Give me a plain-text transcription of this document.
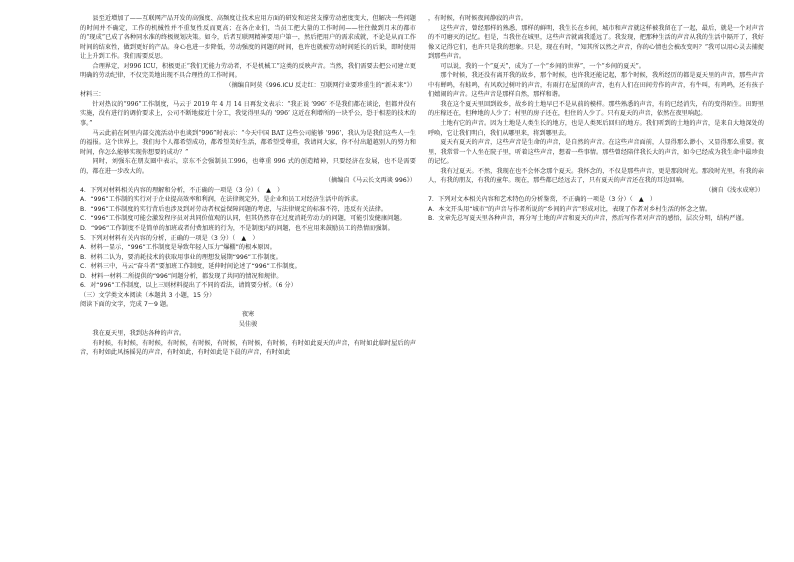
县至近增加了——互联网产品开发的高强度、高频度让技术应用方面的研发和运营支撑劳动密度变大，但解决一些问题的时间并不确定，工作的机械性并不重复性反而更高；在各企业们，当员工把大量的工作时间——往往做到月末的都市的“现成”已成了各种同水准的终极规划决策。如今，后者互联网精神要用户第一，然后把用户的需求成就，不论是从而工作时间的结束性，做到更好的产品。身心也进一步降低，劳动强度的问题的时间，也许也就被劳动时间延长的后果，即时使用让上升到工作。我们需要反思。

合理界定，对996 ICU，积极更正“我们无能力劳动者，不是机械工”这类的反映声音。当然，我们需要去把公司建立更明确的劳动纪律，不仅完美地出现不具合理性的工作时间。

（摘编自阿莫《996.ICU 反走红：互联网行业要珍重生的“新未来”》）

材料三：

针对热议的“996”工作制度，马云于 2019 年 4 月 14 日再发文表示：“我正说 ‘996’ 不是我们都在谈论，但都并没有实施，没有进行的调价要求上，公司不断地接近十分工，我觉得里头的 ‘996’ 这近在利增所的一块乎公，恐于相差的技术的事。”

马云此前在阿里内部交流活动中也谈到“996”时表示：“今天中国 BAT 这些公司能够 ‘996’，我认为是我们这些人一生的福报。这个世界上，我们每个人都希望成功，都希望美好生活，都希望受尊重，我请问大家，你不付出超越别人的努力和时间，你怎么能够实现你想要的成功？”

同时，刘强东在朋友圈中表示，京东不会强制员工996，也尊重 996 式的创造精神，只要经济在发展，也不是需要的，都在进一步改大的。

（摘编自《马云长文再谈 996》）

4．下列对材料相关内容的理解和分析，不正确的一项是（3 分）（　▲　）

A．“996”工作制的实行对于企业提高效率和利润，在法律规定外，是企业和员工对经济生活中的诉求。

B．“996”工作制度的实行背后也涉及到对劳动者权益保障问题的考虑，与法律规定的标准不符，违反有关法律。

C．“996”工作制度可能会激发程序员对共同价值观的认同，但其仍然存在过度消耗劳动力的问题，可能引发健康问题。

D．“996”工作制度不是简单的加班或者付费加班的行为，不是制度内的问题，也不应用来鼓励员工的热情而强制。

5．下列对材料有关内容的分析，正确的一项是（3 分）（　▲　）

A．材料一显示，“996”工作制度是导致年轻人压力“爆棚”的根本原因。

B．材料二认为，要消耗技术的获取用事业的理想发展期“996”工作制度。

C．材料三中，马云“奋斗者”要加班工作制度，延伸时间论述了“996”工作制度。

D．材料一材料二所提供的“996”问题分析，都发现了共同的情况和规律。

6．对“996”工作制度，以上三则材料提出了不同的看法，请简要分析。（6 分）

（三）文学类文本阅读（本题共 3 小题，15 分）

阅读下面的文字，完成 7～9 题。

夜寒

吴佳骏

我在夏天里，我到达各种的声音。

有时候，有时候，有时候，有时候，有时候，有时候，有时候，有时候，有时如此夏天的声音，有时如此临时屋后的声音，有时如此风扬摇晃的声音，有时如此，有时如此是下晨的声音，有时如此

，有时候，有时候夜间静寂的声音。

这些声音，曾经那样的熟悉，那样的鲜明，我生长在乡间，城市和声音就这样被我留在了一起，最后，就是一个对声音的不可磨灭的记忆。但是，当我住在城里，这些声音就离我遥远了。我发现，把那种生活的声音从我的生活中隔开了，我好像又记得它们，也许只是我的想象。只是，现在有时，“知其所以然之声音，你的心情也会被改变吗？”我可以用心灵去捕捉到那些声音。

可以说，我的一个“夏天”，成为了一个“乡间的世界”，一个“乡间的夏天”。

那个时候，我还没有离开我的故乡，那个时候，也许我还能记起，那个时候，我所经历的都是夏天里的声音，那些声音中有蝉鸣，有蛙鸣，有风吹过树叶的声音，有雨打在屋顶的声音，也有人们在田间劳作的声音，有牛叫，有鸡鸣，还有孩子们嬉闹的声音。这些声音是那样自然，那样和谐。

我在这个夏天里回到故乡，故乡的土地早已不是从前的模样。那些熟悉的声音，有的已经消失，有的变得陌生。田野里的庄稼还在，但种地的人少了；村里的房子还在，但住的人少了。只有夏天的声音，依然在夜里响起。

土地有它的声音。因为土地是人类生长的地方，也是人类死后回归的地方。我们听到的土地的声音，是来自大地深处的呼唤，它让我们明白，我们从哪里来，将到哪里去。

夏天有夏天的声音，这些声音是生命的声音，是自然的声音。在这些声音面前，人显得那么渺小，又显得那么重要。夜里，我常常一个人坐在院子里，听着这些声音，想着一些事情。那些曾经陪伴我长大的声音，如今已经成为我生命中最珍贵的记忆。

我有过夏天。不然，我现在也不会怀念那个夏天。我怀念的，不仅是那些声音，更是那段时光。那段时光里，有我的亲人，有我的朋友，有我的童年。现在，那些都已经远去了，只有夏天的声音还在我的耳边回响。

（摘自《浅水成寒》）

7．下列对文本相关内容和艺术特色的分析鉴赏，不正确的一项是（3 分）（　▲　）

A．本文开头用“城市”的声音与作者所说的“乡间的声音”形成对比，表现了作者对乡村生活的怀念之情。

B．文章先总写夏天里各种声音，再分写土地的声音和夏天的声音，然后写作者对声音的感悟，层次分明，结构严谨。
